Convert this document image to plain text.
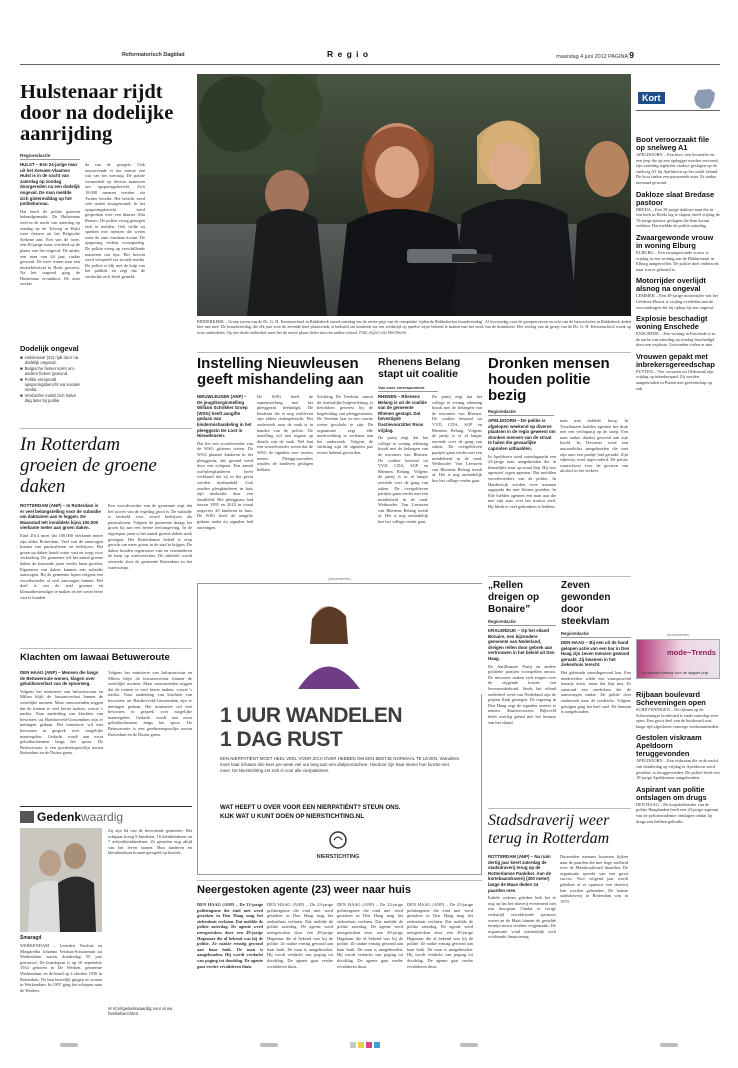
Reformatorisch Dagblad	R e g i o	maandag 4 juni 2012 PAGINA 9
Hulstenaar rijdt door na dodelijke aanrijding
Regioredactie
HULST – Een 24-jarige man uit het Zeeuws-Vlaamse Hulst is in de nacht van zaterdag op zondag doorgereden na een dodelijk ongeval. De man meldde zich gistermiddag op het politiebureau.
Dat heeft de politie gisteren bekendgemaakt. De Hulstenaar reed in de nacht van zaterdag op zondag op de Tolweg in Hulst twee fietsers uit het Belgische Stekene aan. Een van de twee, een 46-jarige man, overleed op de plaats van het ongeval. De ander, een man van 44 jaar, raakte gewond. De twee waren naar een muziekfestival in Hulst geweest. Na het ongeval ging de Hulstenaar ervandoor. De auto werkte
de van de spiegels. Ook onzwevende er ten minste een ruit van het voertuig. De politie vermoedde op diverse manieren om opsporingsbericht. Zo'n 18.000 mensen werden via Twitter bereikt. Het bericht werd vele malen doorgestuurd. In het opsporingsbericht werd gesproken over een blauwe Alfa Romeo. De politie vroeg getuigen zich te melden. Ook wilde zij spreken met mensen die weten waar de auto vandaan kwam. De opsporing verliep voorspoedig. De politie vroeg op verschillende manieren om tips. Het bericht werd verspreid via sociale media. De politie is blij met de hulp van het publiek en zegt dat de verdachte zich heeft gemeld.
Dodelijk ongeval
■ Hulstenaar (24) rijdt door na dodelijk ongeval.
■ Belgische fietser komt om, andere fietser gewond.
■ Politie verspreidt opsporingsbericht via sociale media.
■ Verdachte meldt zich halve dag later bij politie.
RIDDERKERK – Groep zoven van de Ds. G. H. Kerstenschool in Ridderkerk streed zaterdag om de eerste prijs van de competitie 'rijden de Ridderkerkse brandweerdag'. Al lesvoordag voor de groepen zeven en acht van de basisscholen in Ridderkerk deden hier aan mee. De brandweerdag, die elk jaar voor de zevende keer plaatsvindt, is bedoeld om kinderen via een wedstrijd op speelse wijze bekend te maken met het werk van de brandweer. Het verslag van de groep van de Ds. G. H. Kerstenschool wordt op twee onderdelen. Op een derde onderdeel meet het de eerste plaats delen met een andere school. Foto Acjan van Bersteren
Kort
Boot veroorzaakt file op snelweg A1
APELDOORN – Een boot, een bootrailer en een jeep die op een opdegget werden vervoerd, zijn zaterdag tegen het viaduct geslagen op de snelweg A1 bij Apeldoorn op het asfalt beland. De boot raakte een passerende auto. Er raakte niemand gewond.
Dakloze slaat Bredase pastoor
BREDA – Een 39-jarige dakloze man die in een kerk in Breda lag te slapen, heeft vrijdag de 76-jarige pastoor geslagen die hem kwam wekken. Dat meldde de politie zaterdag.
Zwaargewonde vrouw in woning Elburg
ELBURG – Een zwaargewonde vrouw is vrijdag in een woning aan de Ridderstraat in Elburg aangetroffen. De politie doet onderzoek naar wat er gebeurd is.
Motorrijder overlijdt alsnog na ongeval
LEMMER – Een 49-jarige motorrijder van het Gelderse Hoorst is vrijdag overleden aan de verwondingen die hij opliep bij een ongeval.
Explosie beschadigt woning Enschede
ENSCHEDE – Een woning in Enschede is in de nacht van zaterdag op zondag beschadigd door een explosie. Gewonden vielen er niet.
Vrouwen gepakt met inbrekersgereedschap
PUTTEN – Vier vrouwen uit Oldenzaal zijn vrijdag op inbrekerspad. Zij werden aangehouden in Putten met gereedschap op zak.
(Advertentie)
mode~Trends
De mooiste kleding voor de laagste prijs
Rijbaan boulevard Scheveningen open
SCHEVENINGEN – De rijbaan op de Scheveningse boulevard is sinds zaterdag weer open. Een groot deel van de boulevard was lange tijd afgesloten vanwege werkzaamheden.
Gestolen viskraam Apeldoorn teruggevonden
APELDOORN – Een viskraam die in de nacht van donderdag op vrijdag in Apeldoorn werd gestolen, is teruggevonden. De politie heeft een 18-jarige Apeldoorner aangehouden.
Aspirant van politie ontslagen om drugs
DEN HAAG – De korpsbeheerder van de politie Haaglanden heeft een 23-jarige aspirant van de politieacademie ontslagen omdat hij drugs zou hebben gebruikt.
In Rotterdam groeien de groene daken
ROTTERDAM (ANP) – In Rotterdam is er veel belangstelling voor de subsidie om daktuinen aan te leggen. De Maasstad telt inmiddels bijna 100.000 vierkante meter aan groen daken.
Eind 2014 moet dat 160.000 vierkante meter zijn aldus Rotterdam. Veel van de aanvragen komen van particulieren en bedrijven. Het groen op daken houdt water vast en zorgt voor verkoeling. De gemeente wil het aantal groene daken de komende jaren verder laten groeien. Eigenaren van daken kunnen een subsidie aanvragen. Bij de gemeente lopen volgens een woordvoerder al veel aanvragen binnen. Het doel is om de stad groener en klimaatbestendiger te maken en het water beter vast te houden.
Een woordvoerder van de gemeente zegt dat het succes van de regeling groot is. De subsidie is bedoeld voor zowel bedrijven als particulieren. Volgens de gemeente draagt het groen bij aan een betere leefomgeving. In de afgelopen jaren is het aantal groene daken sterk gestegen. Het Rotterdamse beleid is erop gericht om meer groen in de stad te krijgen. De daken houden regenwater vast en verminderen de kans op wateroverlast. De subsidie wordt verstrekt door de gemeente Rotterdam en het waterschap.
Klachten om lawaai Betuweroute
DEN HAAG (ANP) – Mensen die langs de Betuweroute wonen, klagen over geluidsoverlast van de spoorweg.
Volgens het ministerie van Infrastructuur en Milieu blijft de lawaaioverlast binnen de wettelijke normen. Maar omwonenden zeggen dat de treinen te veel herrie maken, vooral 's nachts. Naar aanleiding van klachten van bewoners uit Hardinxveld-Giessendam zijn er metingen gedaan. Het ministerie wil met bewoners in gesprek over mogelijke maatregelen. Gedacht wordt aan extra geluidsschermen langs het spoor. De Betuweroute is een goederenspoorlijn tussen Rotterdam en de Duitse grens.
Volgens het ministerie van Infrastructuur en Milieu blijft de lawaaioverlast binnen de wettelijke normen. Maar omwonenden zeggen dat de treinen te veel herrie maken, vooral 's nachts. Naar aanleiding van klachten van bewoners uit Hardinxveld-Giessendam zijn er metingen gedaan. Het ministerie wil met bewoners in gesprek over mogelijke maatregelen. Gedacht wordt aan extra geluidsschermen langs het spoor. De Betuweroute is een goederenspoorlijn tussen Rotterdam en de Duitse grens.
Gedenkwaardig
Smaragd
WERKENDAM – Leendert Versluis en Margaretha Johanna Versluis-Schuurman uit Werkendam waren donderdag 55 jaar getrouwd. De bruidegom is op 10 september 1934 geboren in De Werken, gemeente Werkendam, en de bruid op 4 oktober 1936 in Rotterdam. Na hun huwelijk gingen ze wonen in Werkendam. In 1997 ging het echtpaar naar de Werken.
Zij zijn lid van de hervormde gemeente. Het echtpaar kreeg 8 kinderen, 16 kleinkinderen en 7 achterkleinkinderen. Ze genieten nog altijd van het leven samen. Hun kinderen en kleinkinderen komen geregeld op bezoek.
✉ rd.nl/gedenkwaardig voor al uw familieberichten.
Instelling Nieuwleusen geeft mishandeling aan
NIEUWLEUSEN (ANP) – De jeugdzorginstelling William Schrikker Groep (WSG) heeft aangifte gedaan van kindermishandeling in het pleeggezin De Loot in Nieuwleusen.
Dat liet een woordvoerder van de WSG gisteren weten. De WSG plaatste kinderen in het pleeggezin, dat gerund werd door een echtpaar. Een aantal oud-pleegkinderen heeft verklaard dat zij in het gezin werden mishandeld. Ook zouden pleegkinderen in huis zijn misbruikt door een familielid. Het pleeggezin had tussen 1995 en 2010 in totaal ongeveer 20 kinderen in huis. De WSG heeft de aangifte gedaan nadat zij signalen had ontvangen.
De WSG heeft de samenwerking met het pleeggezin beëindigd. De kinderen die er nog verbleven zijn elders ondergebracht. Het onderzoek naar de zaak is in handen van de politie. De instelling wil niet ingaan op details van de zaak. Wel laat een woordvoerder weten dat de WSG de signalen zeer serieus neemt. Pleeggrootouders zouden de kinderen geslagen hebben.
Stichting De Terebint, vanuit de christelijke hulpverlening, is betrokken geweest bij de begeleiding van pleeggezinnen. De Terebint laat in een reactie weten geschokt te zijn. De organisatie zegt alle medewerking te verlenen aan het onderzoek. Volgens de stichting zijn de signalen pas recent bekend geworden.
Rhenens Belang stapt uit coalitie
Van onze correspondent
RHENEN – Rhenens Belang is uit de coalitie van de gemeente Rhenen gestapt. Dat bevestigde fractievoorzitter Roos vrijdag.
De partij zegt dat het college te weinig rekening houdt met de belangen van de inwoners van Rhenen. De coalitie bestond uit VVD, CDA, SGP en Rhenens Belang. Volgens de partij is er al langer onvrede over de gang van zaken. De overgebleven partijen gaan verder met een minderheid in de raad. Wethouder Van Leeuwen van Rhenens Belang treedt af. Het is nog onduidelijk hoe het college verder gaat.
De partij zegt dat het college te weinig rekening houdt met de belangen van de inwoners van Rhenen. De coalitie bestond uit VVD, CDA, SGP en Rhenens Belang. Volgens de partij is er al langer onvrede over de gang van zaken. De overgebleven partijen gaan verder met een minderheid in de raad. Wethouder Van Leeuwen van Rhenens Belang treedt af. Het is nog onduidelijk hoe het college verder gaat.
Dronken mensen houden politie bezig
Regioredactie
APELDOORN – De politie is afgelopen weekend op diverse plaatsen in de regio geweest om dronken mensen van de straat te halen die gevaarlijke capriolen uithaalden.
In Apeldoorn werd zaterdagnacht een 23-jarige man aangehouden die in kennelijke staat op straat liep. Hij was agressief tegen agenten. Dat meldden woordvoerders van de politie. In Harderwijk werden twee mannen opgepakt die met flessen gooiden. In Ede hielden agenten een man aan die met zijn auto over het trottoir reed. Hij bleek te veel gedronken te hebben.
man met dubbele hoog. In Voorthuizen hadden agenten het druk met een vechtpartij op de stoep. Een man raakte daarbij gewond aan zijn hoofd. In Deventer werd een automobilist aangehouden die met zijn auto een paaltje had geraakt. Zijn rijbewijs werd ingevorderd. De politie waarschuwt voor de gevaren van alcohol in het verkeer.
(Advertentie)
1 UUR WANDELEN
1 DAG RUST
EEN NIERPATIËNT MOET HEEL VEEL VOOR ZICH OVER HEBBEN OM EEN BEETJE NORMAAL TE LEVEN. Wandelen moet haar lichaam drie keer per week vier uur lang aan een dialysemachine. Hierdoor zijn haar nieren hun functie niet meer. De Nierstichting zet zich in voor alle nierpatiënten.
WAT HEEFT U OVER VOOR EEN NIERPATIËNT? STEUN ONS.
KIJK WAT U KUNT DOEN OP NIERSTICHTING.NL
NIERSTICHTING
„Rellen dreigen op Bonaire”
Regioredactie
KRALENDIJK – Op het eiland Bonaire, een bijzondere gemeente van Nederland, dreigen rellen door gebrek aan vertrouwen in het beleid uit Den Haag.
De Antilliaanse Partij en andere politieke partijen voorspellen onrust. De inwoners maken zich zorgen over de stijgende kosten van levensonderhoud. Sinds het eiland onderdeel werd van Nederland zijn de prijzen flink gestegen. De regering in Den Haag zegt de signalen serieus te nemen. Staatssecretaris Bijleveld heeft overleg gehad met het bestuur van het eiland.
Zeven gewonden door steekvlam
Regioredactie
DEN HAAG – Bij een uit de hand gelopen actie van een bar in Den Haag zijn zeven mensen gewond geraakt. Zij kwamen in het ziekenhuis terecht.
Het gebeurde zaterdagavond laat. Een medewerker wilde een vuurspuwend kunstje doen, maar dat liep mis. Er ontstond een steekvlam die de aanwezigen raakte. De politie doet onderzoek naar de toedracht. Volgens getuigen ging het heel snel. De barman is aangehouden.
Stadsdraverij weer terug in Rotterdam
ROTTERDAM (ANP) – Na ruim dertig jaar keert zaterdag de stadsdraverij terug op de Rotterdamse Pankiker. Aan de kortebaandraverij (300 meter) lange de Maas deden 24 paarden mee.
Enkele wekens geleden leek het er nog op dat het draverij evenement niet zou doorgaan. Omdat er vorige wedstrijd onvoldoende sponsors waren en de Maas binnen de gestelde termijn moest worden vrijgemaakt. De organisatie vond uiteindelijk toch voldoende financiering.
Duizenden mensen kwamen kijken naar de paarden die met hoge snelheid over de Maasboulevard draafden. De organisatie spreekt van een groot succes. Voor volgend jaar wordt gekeken of er opnieuw een draverij kan worden gehouden. De laatste stadsdraverij in Rotterdam was in 1979.
Neergestoken agente (23) weer naar huis
DEN HAAG (ANP) – De 23-jarige politieagente die eind mei werd gestoken in Den Haag mag het ziekenhuis verlaten. Dat meldde de politie zaterdag. De agente werd neergestoken door een 49-jarige Hagenaar die al bekend was bij de politie. Ze raakte ernstig gewond aan haar buik. De man is aangehouden. Hij wordt verdacht van poging tot doodslag. De agente gaat verder revalideren thuis.
DEN HAAG (ANP) – De 23-jarige politieagente die eind mei werd gestoken in Den Haag mag het ziekenhuis verlaten. Dat meldde de politie zaterdag. De agente werd neergestoken door een 49-jarige Hagenaar die al bekend was bij de politie. Ze raakte ernstig gewond aan haar buik. De man is aangehouden. Hij wordt verdacht van poging tot doodslag. De agente gaat verder revalideren thuis.
DEN HAAG (ANP) – De 23-jarige politieagente die eind mei werd gestoken in Den Haag mag het ziekenhuis verlaten. Dat meldde de politie zaterdag. De agente werd neergestoken door een 49-jarige Hagenaar die al bekend was bij de politie. Ze raakte ernstig gewond aan haar buik. De man is aangehouden. Hij wordt verdacht van poging tot doodslag. De agente gaat verder revalideren thuis.
DEN HAAG (ANP) – De 23-jarige politieagente die eind mei werd gestoken in Den Haag mag het ziekenhuis verlaten. Dat meldde de politie zaterdag. De agente werd neergestoken door een 49-jarige Hagenaar die al bekend was bij de politie. Ze raakte ernstig gewond aan haar buik. De man is aangehouden. Hij wordt verdacht van poging tot doodslag. De agente gaat verder revalideren thuis.
